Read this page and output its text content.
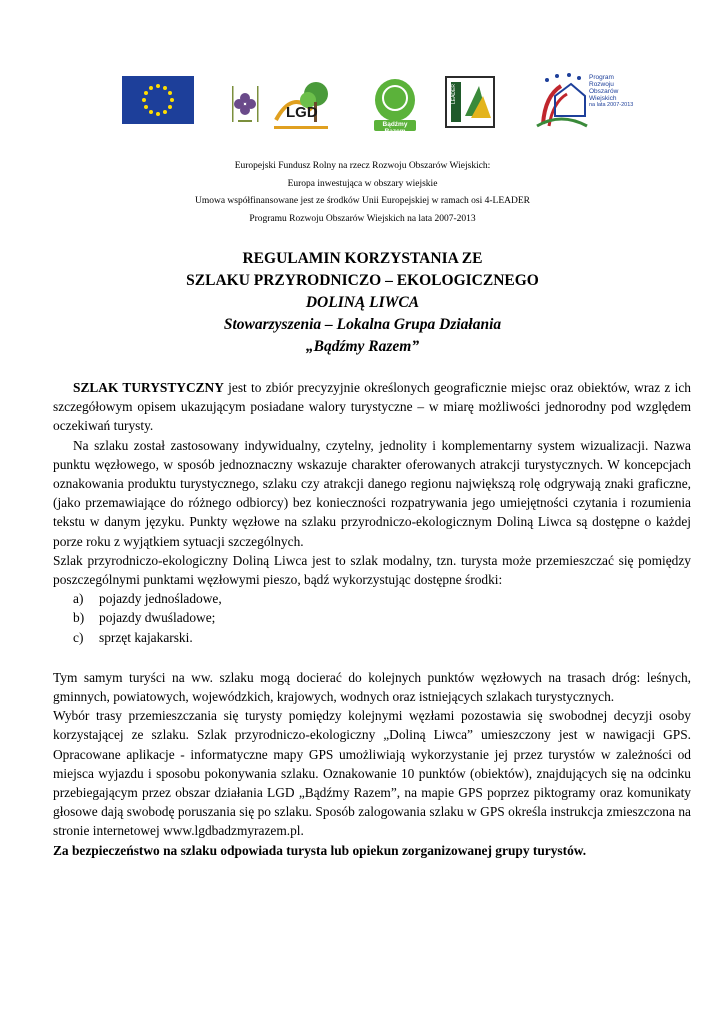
LGD
Bądźmy Razem
LEADER
Program
Rozwoju
Obszarów
Wiejskich
na lata 2007-2013
Europejski Fundusz Rolny na rzecz Rozwoju Obszarów Wiejskich:
Europa inwestująca w obszary wiejskie
Umowa współfinansowane jest ze środków Unii Europejskiej w ramach osi 4-LEADER
Programu Rozwoju Obszarów Wiejskich na lata 2007-2013

REGULAMIN KORZYSTANIA ZE

SZLAKU PRZYRODNICZO – EKOLOGICZNEGO

DOLINĄ LIWCA

Stowarzyszenia – Lokalna Grupa Działania

„Bądźmy Razem”

SZLAK TURYSTYCZNY jest to zbiór precyzyjnie określonych geograficznie miejsc oraz obiektów, wraz z ich szczegółowym opisem ukazującym posiadane walory turystyczne – w miarę możliwości jednorodny pod względem oczekiwań turysty.

Na szlaku został zastosowany indywidualny, czytelny, jednolity i komplementarny system wizualizacji. Nazwa punktu węzłowego, w sposób jednoznaczny wskazuje charakter oferowanych atrakcji turystycznych. W koncepcjach oznakowania produktu turystycznego, szlaku czy atrakcji danego regionu największą rolę odgrywają znaki graficzne, (jako przemawiające do różnego odbiorcy) bez konieczności rozpatrywania jego umiejętności czytania i rozumienia tekstu w danym języku. Punkty węzłowe na szlaku przyrodniczo-ekologicznym Doliną Liwca są dostępne o każdej porze roku z wyjątkiem sytuacji szczególnych.

Szlak przyrodniczo-ekologiczny Doliną Liwca jest to szlak modalny, tzn. turysta może przemieszczać się pomiędzy poszczególnymi punktami węzłowymi pieszo, bądź wykorzystując dostępne środki:

a) pojazdy jednośladowe,
b) pojazdy dwuśladowe;
c) sprzęt kajakarski.

Tym samym turyści na ww. szlaku mogą docierać do kolejnych punktów węzłowych na trasach dróg: leśnych, gminnych, powiatowych, wojewódzkich, krajowych, wodnych oraz istniejących szlakach turystycznych.

Wybór trasy przemieszczania się turysty pomiędzy kolejnymi węzłami pozostawia się swobodnej decyzji osoby korzystającej ze szlaku. Szlak przyrodniczo-ekologiczny „Doliną Liwca” umieszczony jest w nawigacji GPS. Opracowane aplikacje - informatyczne mapy GPS umożliwiają wykorzystanie jej przez turystów w zależności od miejsca wyjazdu i sposobu pokonywania szlaku. Oznakowanie 10 punktów (obiektów), znajdujących się na odcinku przebiegającym przez obszar działania LGD „Bądźmy Razem”, na mapie GPS poprzez piktogramy oraz komunikaty głosowe dają swobodę poruszania się po szlaku. Sposób zalogowania szlaku w GPS określa instrukcja zmieszczona na stronie internetowej www.lgdbadzmyrazem.pl.

Za bezpieczeństwo na szlaku odpowiada turysta lub opiekun zorganizowanej grupy turystów.
